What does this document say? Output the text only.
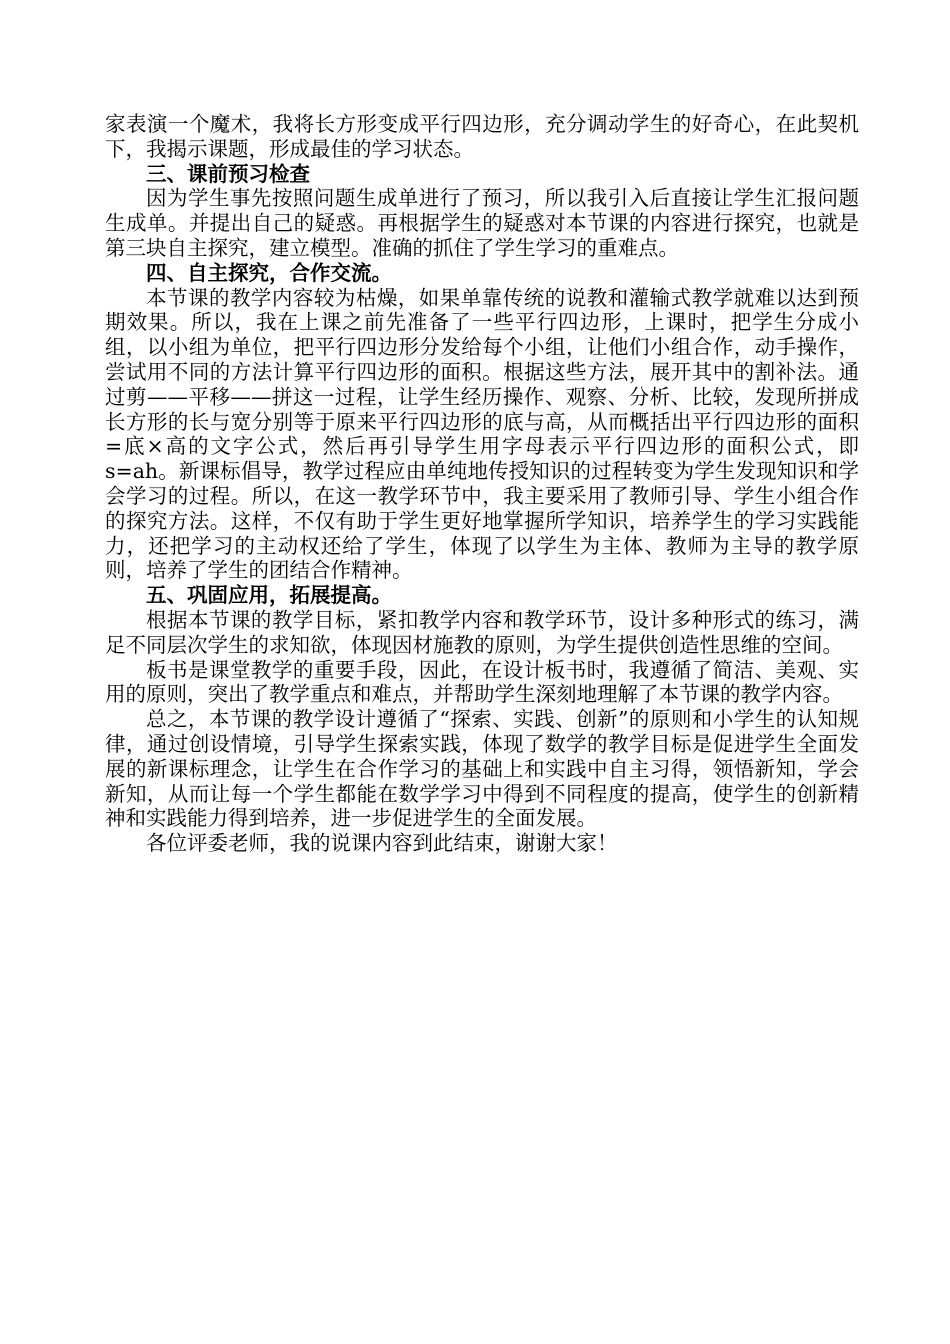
家表演一个魔术，我将长方形变成平行四边形，充分调动学生的好奇心，在此契机下，我揭示课题，形成最佳的学习状态。

三、课前预习检查

因为学生事先按照问题生成单进行了预习，所以我引入后直接让学生汇报问题生成单。并提出自己的疑惑。再根据学生的疑惑对本节课的内容进行探究，也就是第三块自主探究，建立模型。准确的抓住了学生学习的重难点。

四、自主探究，合作交流。

本节课的教学内容较为枯燥，如果单靠传统的说教和灌输式教学就难以达到预期效果。所以，我在上课之前先准备了一些平行四边形，上课时，把学生分成小组，以小组为单位，把平行四边形分发给每个小组，让他们小组合作，动手操作，尝试用不同的方法计算平行四边形的面积。根据这些方法，展开其中的割补法。通过剪——平移——拼这一过程，让学生经历操作、观察、分析、比较，发现所拼成长方形的长与宽分别等于原来平行四边形的底与高，从而概括出平行四边形的面积=底×高的文字公式，然后再引导学生用字母表示平行四边形的面积公式，即 s=ah。新课标倡导，教学过程应由单纯地传授知识的过程转变为学生发现知识和学会学习的过程。所以，在这一教学环节中，我主要采用了教师引导、学生小组合作的探究方法。这样，不仅有助于学生更好地掌握所学知识，培养学生的学习实践能力，还把学习的主动权还给了学生，体现了以学生为主体、教师为主导的教学原则，培养了学生的团结合作精神。

五、巩固应用，拓展提高。

根据本节课的教学目标，紧扣教学内容和教学环节，设计多种形式的练习，满足不同层次学生的求知欲，体现因材施教的原则，为学生提供创造性思维的空间。

板书是课堂教学的重要手段，因此，在设计板书时，我遵循了简洁、美观、实用的原则，突出了教学重点和难点，并帮助学生深刻地理解了本节课的教学内容。

总之，本节课的教学设计遵循了“探索、实践、创新”的原则和小学生的认知规律，通过创设情境，引导学生探索实践，体现了数学的教学目标是促进学生全面发展的新课标理念，让学生在合作学习的基础上和实践中自主习得，领悟新知，学会新知，从而让每一个学生都能在数学学习中得到不同程度的提高，使学生的创新精神和实践能力得到培养，进一步促进学生的全面发展。

各位评委老师，我的说课内容到此结束，谢谢大家！
